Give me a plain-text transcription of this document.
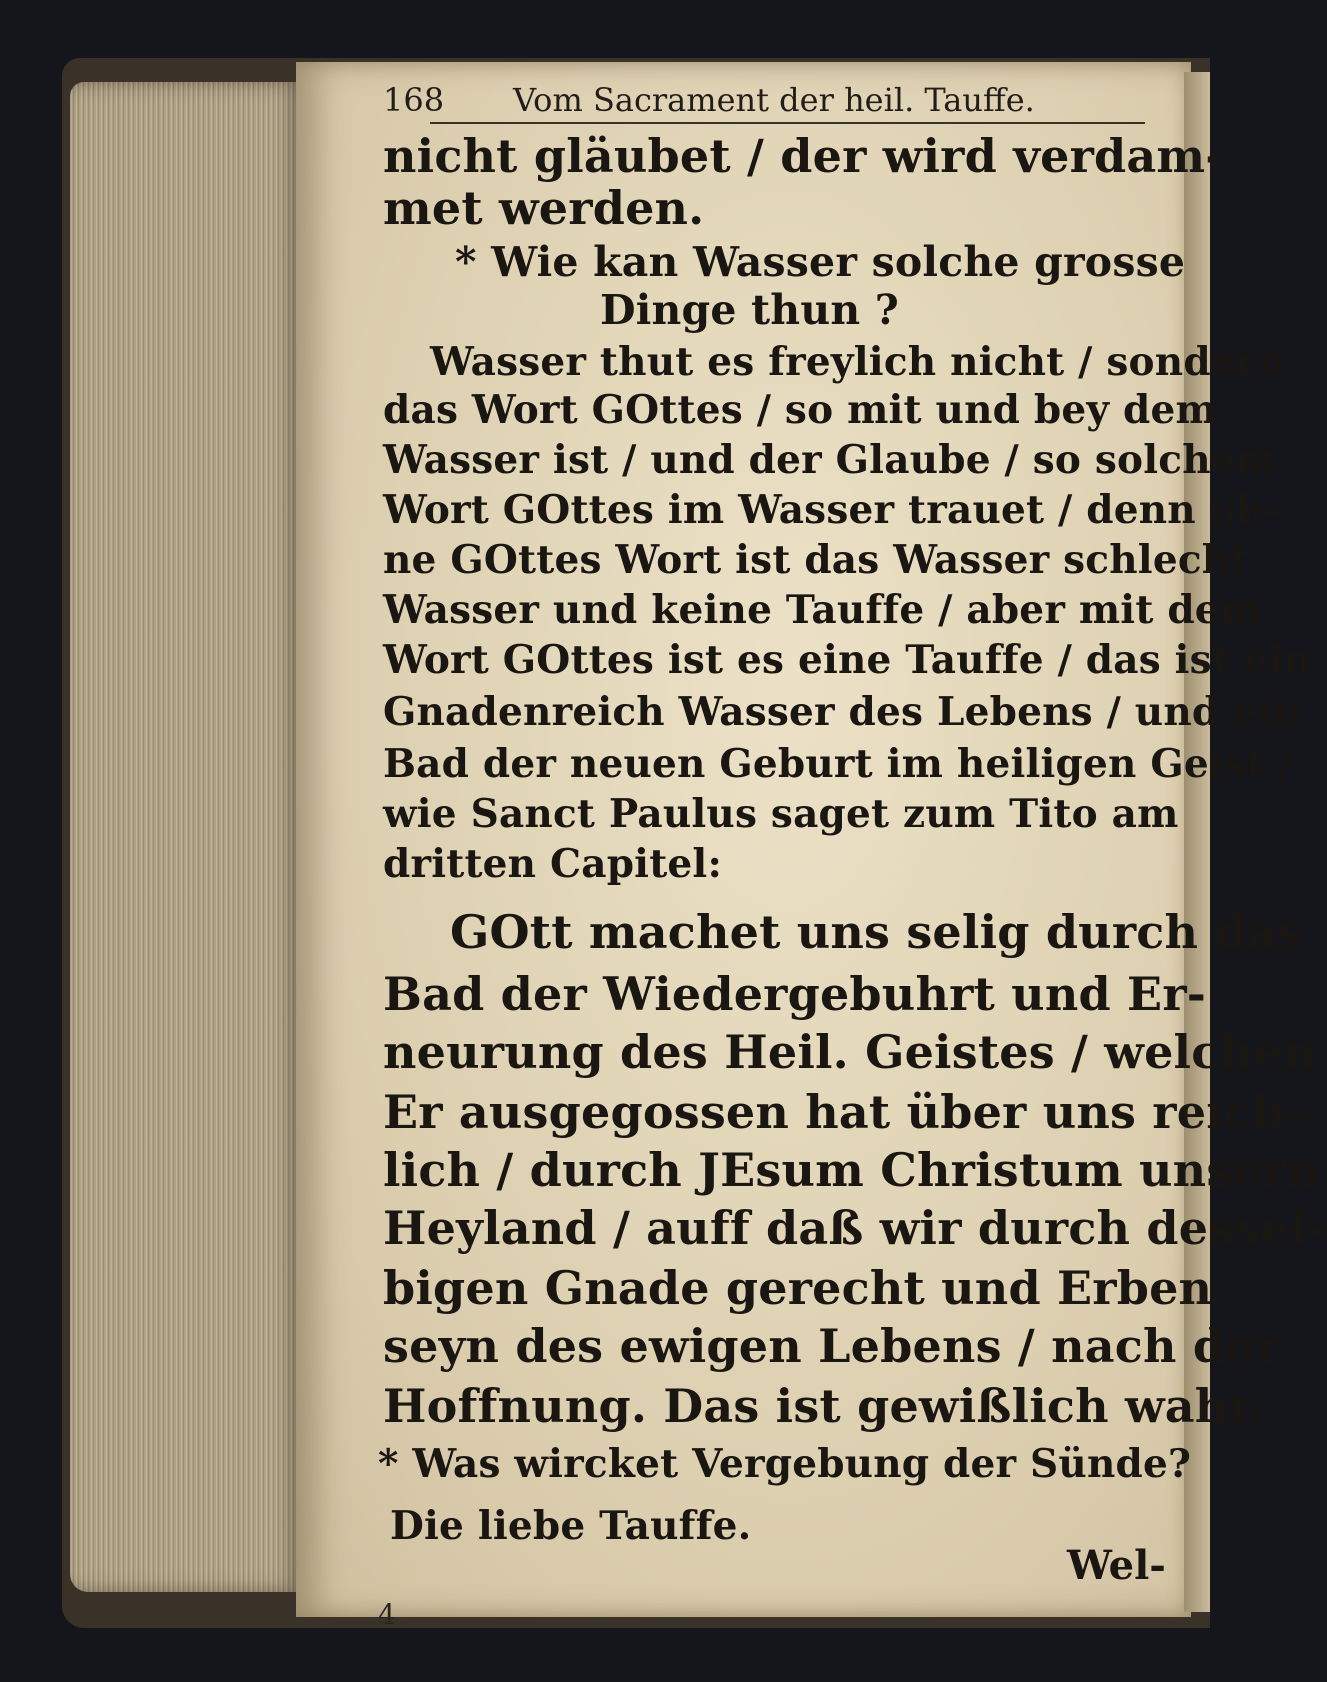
168 Vom Sacrament der heil. Tauffe.
nicht gläubet / der wird verdam-
met werden.
* Wie kan Wasser solche grosse
Dinge thun ?
Wasser thut es freylich nicht / sondern
das Wort GOttes / so mit und bey dem
Wasser ist / und der Glaube / so solchem
Wort GOttes im Wasser trauet / denn oh-
ne GOttes Wort ist das Wasser schlecht
Wasser und keine Tauffe / aber mit dem
Wort GOttes ist es eine Tauffe / das ist ein
Gnadenreich Wasser des Lebens / und ein
Bad der neuen Geburt im heiligen Geist /
wie Sanct Paulus saget zum Tito am
dritten Capitel:
GOtt machet uns selig durch das
Bad der Wiedergebuhrt und Er-
neurung des Heil. Geistes / welchen
Er ausgegossen hat über uns reich-
lich / durch JEsum Christum unsern
Heyland / auff daß wir durch dessel-
bigen Gnade gerecht und Erben
seyn des ewigen Lebens / nach der
Hoffnung. Das ist gewißlich wahr.
* Was wircket Vergebung der Sünde?
Die liebe Tauffe.
Wel-
4
